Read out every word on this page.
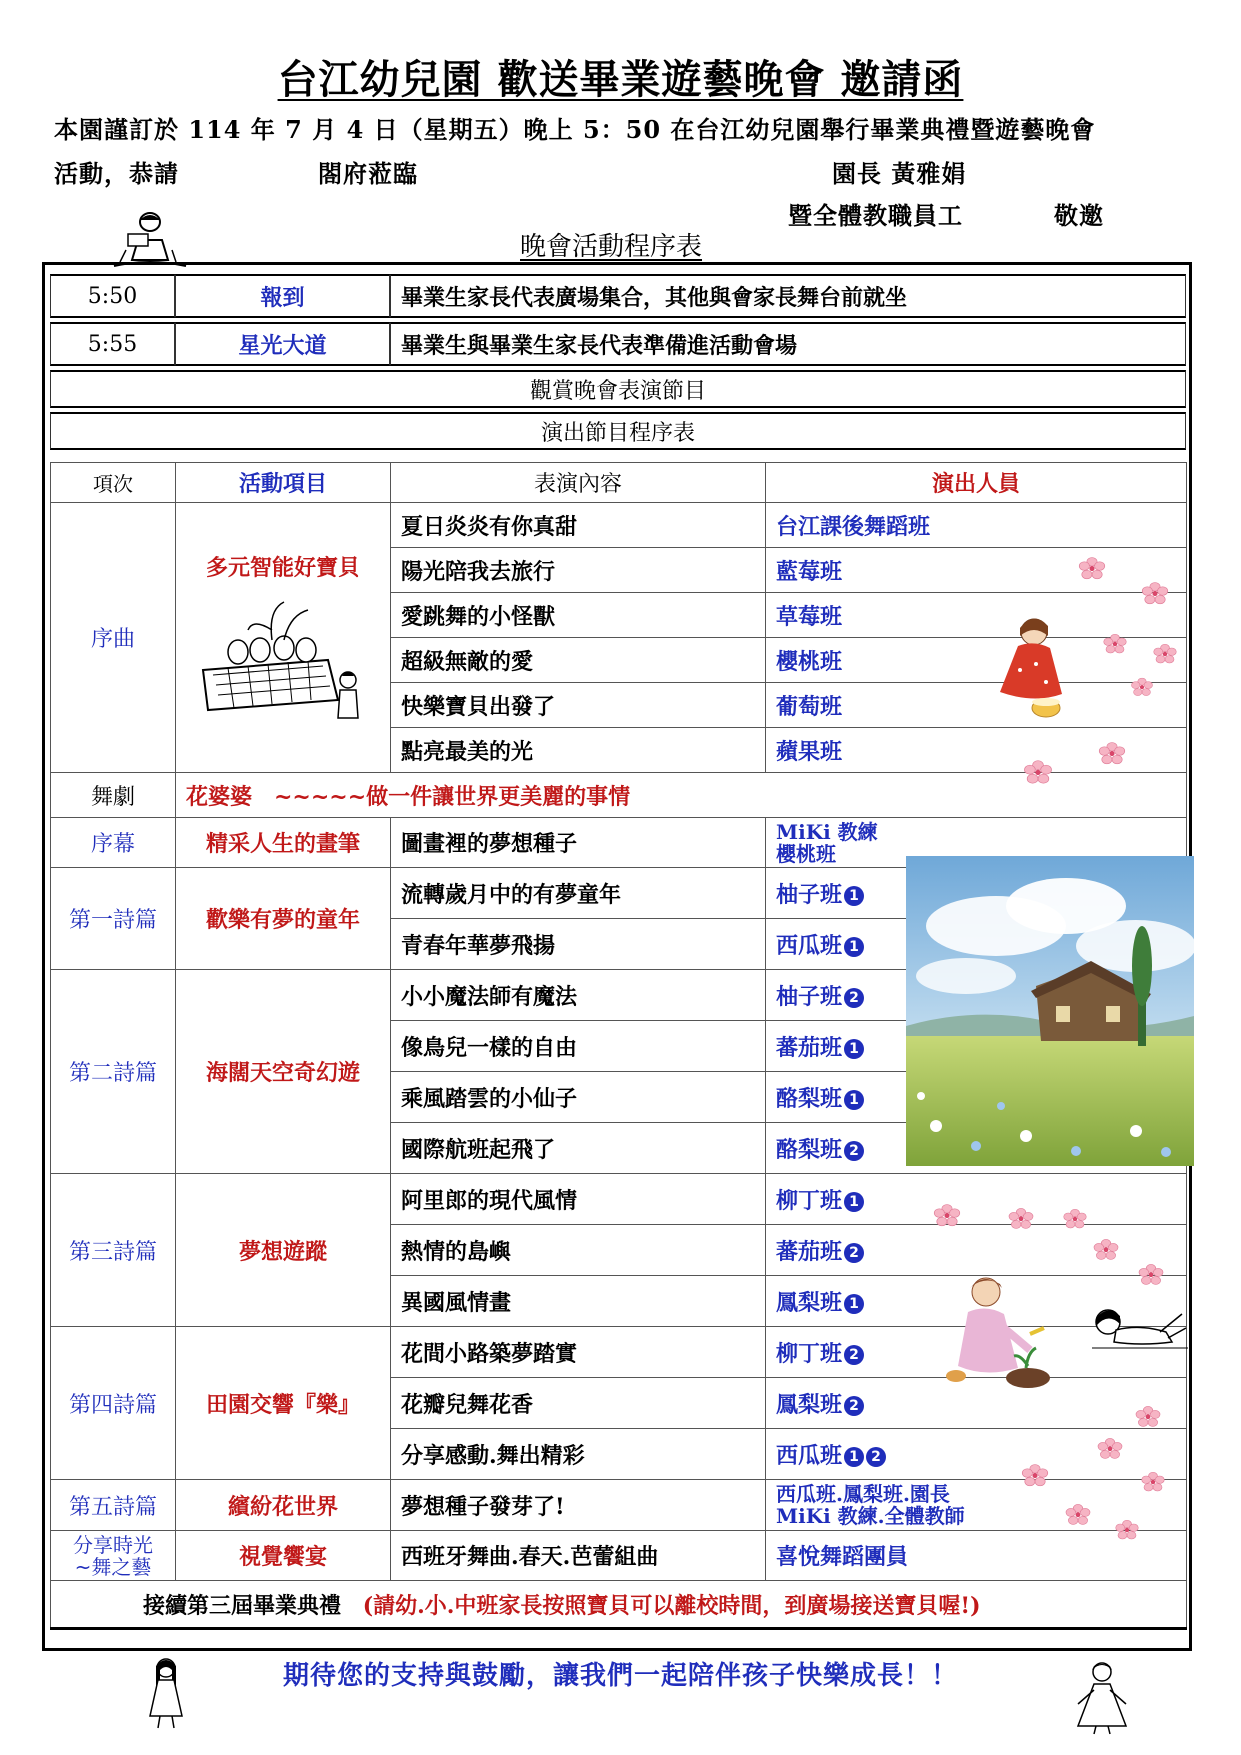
台江幼兒園 歡送畢業遊藝晚會 邀請函
本園謹訂於 114 年 7 月 4 日（星期五）晚上 5：50 在台江幼兒園舉行畢業典禮暨遊藝晚會
活動，恭請	閤府蒞臨	園長 黃雅娟
暨全體教職員工	敬邀
晚會活動程序表
5:50	報到	畢業生家長代表廣場集合，其他與會家長舞台前就坐
5:55	星光大道	畢業生與畢業生家長代表準備進活動會場
觀賞晚會表演節目		
演出節目程序表		
項次	活動項目	表演內容	演出人員
序曲	多元智能好寶貝	夏日炎炎有你真甜	台江課後舞蹈班
		陽光陪我去旅行	藍莓班
		愛跳舞的小怪獸	草莓班
		超級無敵的愛	櫻桃班
		快樂寶貝出發了	葡萄班
		點亮最美的光	蘋果班
舞劇	花婆婆　~~~~~做一件讓世界更美麗的事情		
序幕	精采人生的畫筆	圖畫裡的夢想種子	MiKi 教練
櫻桃班

第一詩篇	歡樂有夢的童年	流轉歲月中的有夢童年	柚子班 1
		青春年華夢飛揚	西瓜班 1
第二詩篇	海闊天空奇幻遊	小小魔法師有魔法	柚子班 2
		像鳥兒一樣的自由	蕃茄班 1
		乘風踏雲的小仙子	酪梨班 1
		國際航班起飛了	酪梨班 2
第三詩篇	夢想遊蹤	阿里郎的現代風情	柳丁班 1
		熱情的島嶼	蕃茄班 2
		異國風情畫	鳳梨班 1
第四詩篇	田園交響『樂』	花間小路築夢踏實	柳丁班 2
		花瓣兒舞花香	鳳梨班 2
		分享感動.舞出精彩	西瓜班 1 2
第五詩篇	繽紛花世界	夢想種子發芽了!	西瓜班.鳳梨班.園長
MiKi 教練.全體教師

分享時光
~舞之藝	視覺饗宴	西班牙舞曲.春天.芭蕾組曲	喜悅舞蹈團員
接續第三屆畢業典禮 (請幼.小.中班家長按照寶貝可以離校時間，到廣場接送寶貝喔!)			
期待您的支持與鼓勵，讓我們一起陪伴孩子快樂成長！！
